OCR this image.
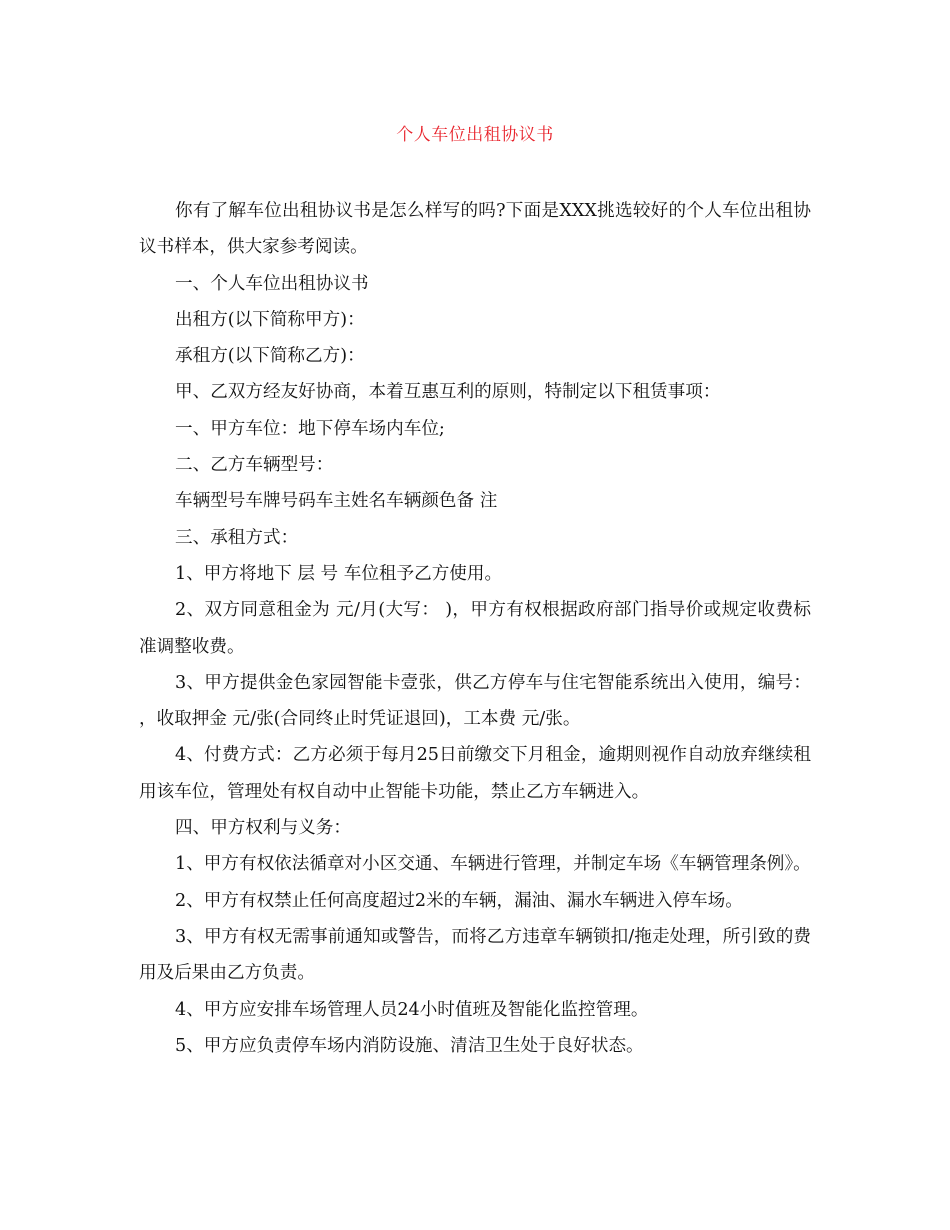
个人车位出租协议书

你有了解车位出租协议书是怎么样写的吗?下面是XXX挑选较好的个人车位出租协议书样本，供大家参考阅读。

一、个人车位出租协议书

出租方(以下简称甲方)：

承租方(以下简称乙方)：

甲、乙双方经友好协商，本着互惠互利的原则，特制定以下租赁事项：

一、甲方车位：地下停车场内车位;

二、乙方车辆型号：

车辆型号车牌号码车主姓名车辆颜色备 注

三、承租方式：

1、甲方将地下 层 号 车位租予乙方使用。

2、双方同意租金为 元/月(大写： )，甲方有权根据政府部门指导价或规定收费标准调整收费。

3、甲方提供金色家园智能卡壹张，供乙方停车与住宅智能系统出入使用，编号： ，收取押金 元/张(合同终止时凭证退回)，工本费 元/张。

4、付费方式：乙方必须于每月25日前缴交下月租金，逾期则视作自动放弃继续租用该车位，管理处有权自动中止智能卡功能，禁止乙方车辆进入。

四、甲方权利与义务：

1、甲方有权依法循章对小区交通、车辆进行管理，并制定车场《车辆管理条例》。

2、甲方有权禁止任何高度超过2米的车辆，漏油、漏水车辆进入停车场。

3、甲方有权无需事前通知或警告，而将乙方违章车辆锁扣/拖走处理，所引致的费用及后果由乙方负责。

4、甲方应安排车场管理人员24小时值班及智能化监控管理。

5、甲方应负责停车场内消防设施、清洁卫生处于良好状态。
